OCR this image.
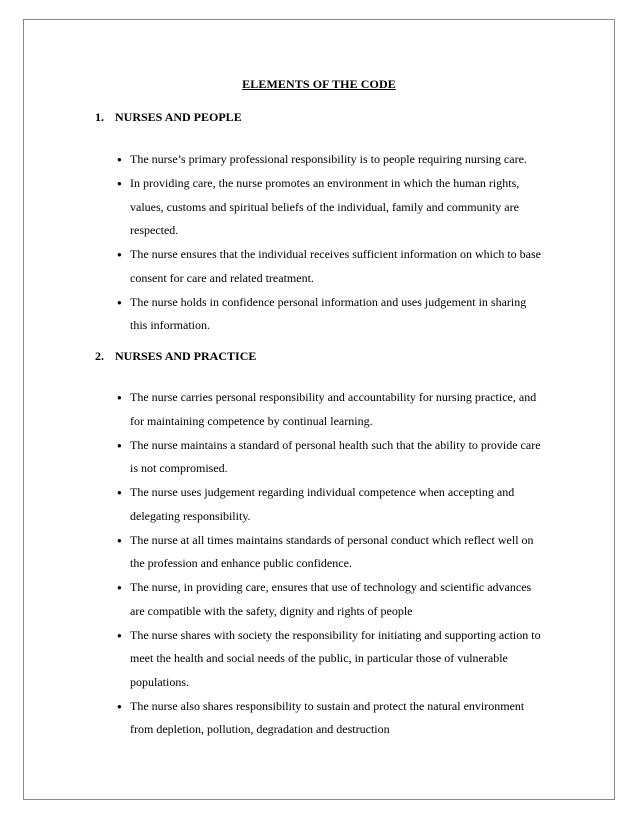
ELEMENTS OF THE CODE
1. NURSES AND PEOPLE
● The nurse’s primary professional responsibility is to people requiring nursing care.
● In providing care, the nurse promotes an environment in which the human rights, values, customs and spiritual beliefs of the individual, family and community are respected.
● The nurse ensures that the individual receives sufficient information on which to base consent for care and related treatment.
● The nurse holds in confidence personal information and uses judgement in sharing this information.
2. NURSES AND PRACTICE
● The nurse carries personal responsibility and accountability for nursing practice, and for maintaining competence by continual learning.
● The nurse maintains a standard of personal health such that the ability to provide care is not compromised.
● The nurse uses judgement regarding individual competence when accepting and delegating responsibility.
● The nurse at all times maintains standards of personal conduct which reflect well on the profession and enhance public confidence.
● The nurse, in providing care, ensures that use of technology and scientific advances are compatible with the safety, dignity and rights of people
● The nurse shares with society the responsibility for initiating and supporting action to meet the health and social needs of the public, in particular those of vulnerable populations.
● The nurse also shares responsibility to sustain and protect the natural environment from depletion, pollution, degradation and destruction
